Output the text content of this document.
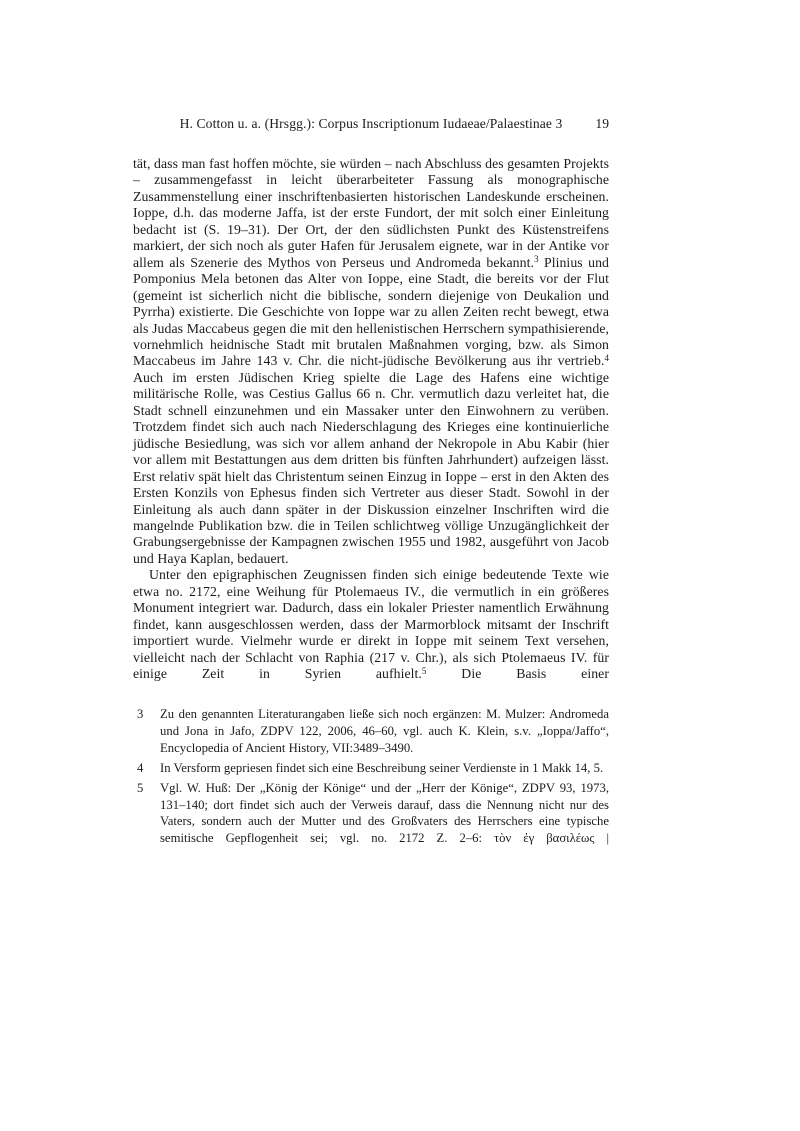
H. Cotton u. a. (Hrsgg.): Corpus Inscriptionum Iudaeae/Palaestinae 3	19

tät, dass man fast hoffen möchte, sie würden – nach Abschluss des gesamten Projekts – zusammengefasst in leicht überarbeiteter Fassung als monographische Zusammenstellung einer inschriftenbasierten historischen Landeskunde erscheinen. Ioppe, d.h. das moderne Jaffa, ist der erste Fundort, der mit solch einer Einleitung bedacht ist (S. 19–31). Der Ort, der den südlichsten Punkt des Küstenstreifens markiert, der sich noch als guter Hafen für Jerusalem eignete, war in der Antike vor allem als Szenerie des Mythos von Perseus und Andromeda bekannt.$^3$ Plinius und Pomponius Mela betonen das Alter von Ioppe, eine Stadt, die bereits vor der Flut (gemeint ist sicherlich nicht die biblische, sondern diejenige von Deukalion und Pyrrha) existierte. Die Geschichte von Ioppe war zu allen Zeiten recht bewegt, etwa als Judas Maccabeus gegen die mit den hellenistischen Herrschern sympathisierende, vornehmlich heidnische Stadt mit brutalen Maßnahmen vorging, bzw. als Simon Maccabeus im Jahre 143 v. Chr. die nicht-jüdische Bevölkerung aus ihr vertrieb.$^4$ Auch im ersten Jüdischen Krieg spielte die Lage des Hafens eine wichtige militärische Rolle, was Cestius Gallus 66 n. Chr. vermutlich dazu verleitet hat, die Stadt schnell einzunehmen und ein Massaker unter den Einwohnern zu verüben. Trotzdem findet sich auch nach Niederschlagung des Krieges eine kontinuierliche jüdische Besiedlung, was sich vor allem anhand der Nekropole in Abu Kabir (hier vor allem mit Bestattungen aus dem dritten bis fünften Jahrhundert) aufzeigen lässt. Erst relativ spät hielt das Christentum seinen Einzug in Ioppe – erst in den Akten des Ersten Konzils von Ephesus finden sich Vertreter aus dieser Stadt. Sowohl in der Einleitung als auch dann später in der Diskussion einzelner Inschriften wird die mangelnde Publikation bzw. die in Teilen schlichtweg völlige Unzugänglichkeit der Grabungsergebnisse der Kampagnen zwischen 1955 und 1982, ausgeführt von Jacob und Haya Kaplan, bedauert.

Unter den epigraphischen Zeugnissen finden sich einige bedeutende Texte wie etwa no. 2172, eine Weihung für Ptolemaeus IV., die vermutlich in ein größeres Monument integriert war. Dadurch, dass ein lokaler Priester namentlich Erwähnung findet, kann ausgeschlossen werden, dass der Marmorblock mitsamt der Inschrift importiert wurde. Vielmehr wurde er direkt in Ioppe mit seinem Text versehen, vielleicht nach der Schlacht von Raphia (217 v. Chr.), als sich Ptolemaeus IV. für einige Zeit in Syrien aufhielt.$^5$ Die Basis einer

3 Zu den genannten Literaturangaben ließe sich noch ergänzen: M. Mulzer: Andromeda und Jona in Jafo, ZDPV 122, 2006, 46–60, vgl. auch K. Klein, s.v. „Ioppa/Jaffo“, Encyclopedia of Ancient History, VII:3489–3490.
4 In Versform gepriesen findet sich eine Beschreibung seiner Verdienste in 1 Makk 14, 5.
5 Vgl. W. Huß: Der „König der Könige“ und der „Herr der Könige“, ZDPV 93, 1973, 131–140; dort findet sich auch der Verweis darauf, dass die Nennung nicht nur des Vaters, sondern auch der Mutter und des Großvaters des Herrschers eine typische semitische Gepflogenheit sei; vgl. no. 2172 Z. 2–6: τὸν ἐγ βασιλέως |
